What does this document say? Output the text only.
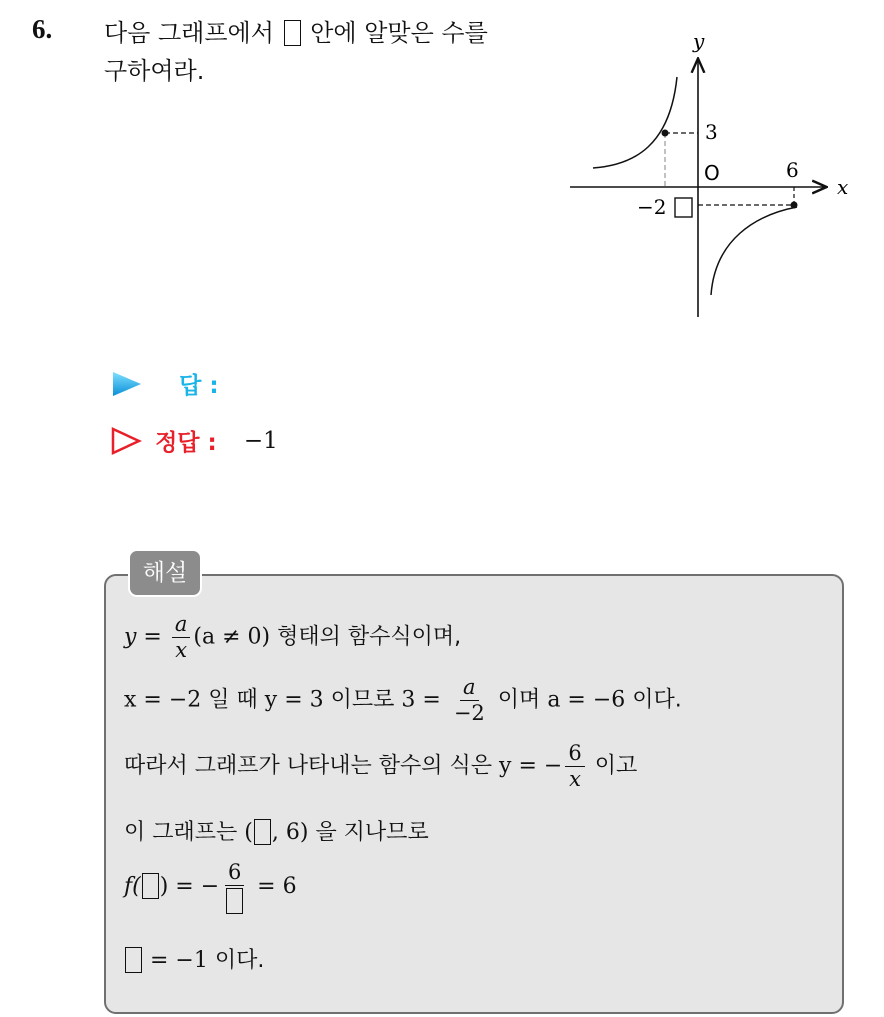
6. 다음 그래프에서 안에 알맞은 수를
구하여라.
y
x
O
3
6
−2
답 :
정답 : −1
해설
$y = \frac{a}{x} (a \ne 0)$ 형태의 함수식이며,
x = −2 일 때 y = 3 이므로 $3 = \frac{a}{-2}$ 이며 a = −6 이다.
따라서 그래프가 나타내는 함수의 식은 y = − $\frac{6}{x}$ 이고
이 그래프는 ( , 6) 을 지나므로
f( ) = −
6
= 6
= −1 이다.
